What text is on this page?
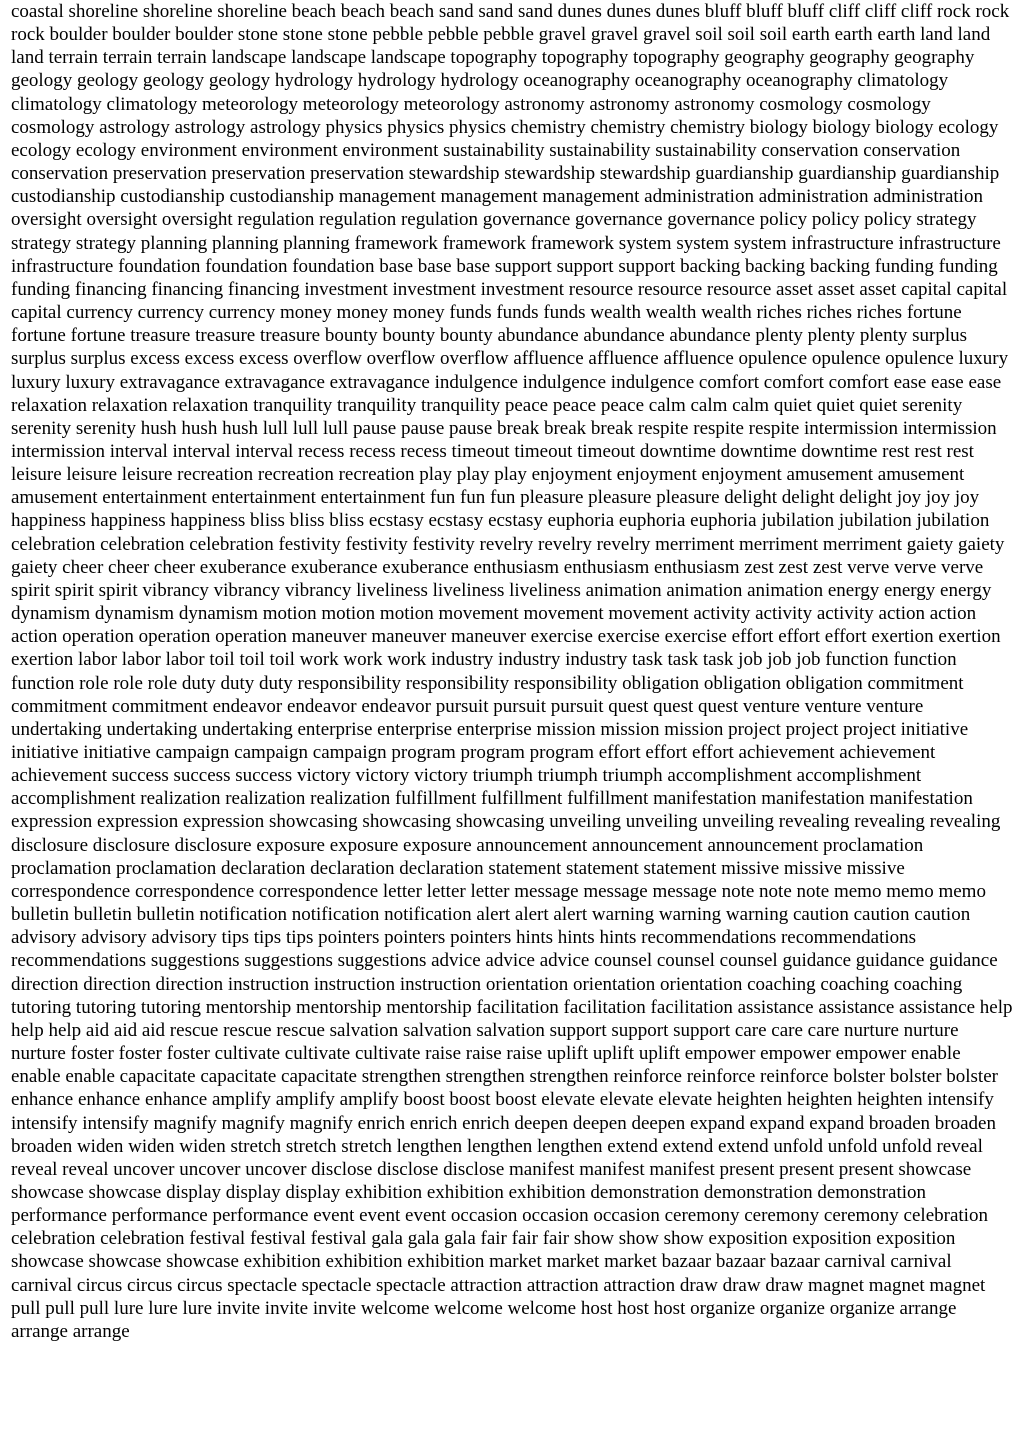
coastal shoreline shoreline shoreline beach beach beach sand sand sand dunes dunes dunes bluff bluff bluff cliff cliff cliff rock rock rock boulder boulder boulder stone stone stone pebble pebble pebble gravel gravel gravel soil soil soil earth earth earth land land land terrain terrain terrain landscape landscape landscape topography topography topography geography geography geography geology geology geology geology hydrology hydrology hydrology oceanography oceanography oceanography climatology climatology climatology meteorology meteorology meteorology astronomy astronomy astronomy cosmology cosmology cosmology astrology astrology astrology physics physics physics chemistry chemistry chemistry biology biology biology ecology ecology ecology environment environment environment sustainability sustainability sustainability conservation conservation conservation preservation preservation preservation stewardship stewardship stewardship guardianship guardianship guardianship custodianship custodianship custodianship management management management administration administration administration oversight oversight oversight regulation regulation regulation governance governance governance policy policy policy strategy strategy strategy planning planning planning framework framework framework system system system infrastructure infrastructure infrastructure foundation foundation foundation base base base support support support backing backing backing funding funding funding financing financing financing investment investment investment resource resource resource asset asset asset capital capital capital currency currency currency money money money funds funds funds wealth wealth wealth riches riches riches fortune fortune fortune treasure treasure treasure bounty bounty bounty abundance abundance abundance plenty plenty plenty surplus surplus surplus excess excess excess overflow overflow overflow affluence affluence affluence opulence opulence opulence luxury luxury luxury extravagance extravagance extravagance indulgence indulgence indulgence comfort comfort comfort ease ease ease relaxation relaxation relaxation tranquility tranquility tranquility peace peace peace calm calm calm quiet quiet quiet serenity serenity serenity hush hush hush lull lull lull pause pause pause break break break respite respite respite intermission intermission intermission interval interval interval recess recess recess timeout timeout timeout downtime downtime downtime rest rest rest leisure leisure leisure recreation recreation recreation play play play enjoyment enjoyment enjoyment amusement amusement amusement entertainment entertainment entertainment fun fun fun pleasure pleasure pleasure delight delight delight joy joy joy happiness happiness happiness bliss bliss bliss ecstasy ecstasy ecstasy euphoria euphoria euphoria jubilation jubilation jubilation celebration celebration celebration festivity festivity festivity revelry revelry revelry merriment merriment merriment gaiety gaiety gaiety cheer cheer cheer exuberance exuberance exuberance enthusiasm enthusiasm enthusiasm zest zest zest verve verve verve spirit spirit spirit vibrancy vibrancy vibrancy liveliness liveliness liveliness animation animation animation energy energy energy dynamism dynamism dynamism motion motion motion movement movement movement activity activity activity action action action operation operation operation maneuver maneuver maneuver exercise exercise exercise effort effort effort exertion exertion exertion labor labor labor toil toil toil work work work industry industry industry task task task job job job function function function role role role duty duty duty responsibility responsibility responsibility obligation obligation obligation commitment commitment commitment endeavor endeavor endeavor pursuit pursuit pursuit quest quest quest venture venture venture undertaking undertaking undertaking enterprise enterprise enterprise mission mission mission project project project initiative initiative initiative campaign campaign campaign program program program effort effort effort achievement achievement achievement success success success victory victory victory triumph triumph triumph accomplishment accomplishment accomplishment realization realization realization fulfillment fulfillment fulfillment manifestation manifestation manifestation expression expression expression showcasing showcasing showcasing unveiling unveiling unveiling revealing revealing revealing disclosure disclosure disclosure exposure exposure exposure announcement announcement announcement proclamation proclamation proclamation declaration declaration declaration statement statement statement missive missive missive correspondence correspondence correspondence letter letter letter message message message note note note memo memo memo bulletin bulletin bulletin notification notification notification alert alert alert warning warning warning caution caution caution advisory advisory advisory tips tips tips pointers pointers pointers hints hints hints recommendations recommendations recommendations suggestions suggestions suggestions advice advice advice counsel counsel counsel guidance guidance guidance direction direction direction instruction instruction instruction orientation orientation orientation coaching coaching coaching tutoring tutoring tutoring mentorship mentorship mentorship facilitation facilitation facilitation assistance assistance assistance help help help aid aid aid rescue rescue rescue salvation salvation salvation support support support care care care nurture nurture nurture foster foster foster cultivate cultivate cultivate raise raise raise uplift uplift uplift empower empower empower enable enable enable capacitate capacitate capacitate strengthen strengthen strengthen reinforce reinforce reinforce bolster bolster bolster enhance enhance enhance amplify amplify amplify boost boost boost elevate elevate elevate heighten heighten heighten intensify intensify intensify magnify magnify magnify enrich enrich enrich deepen deepen deepen expand expand expand broaden broaden broaden widen widen widen stretch stretch stretch lengthen lengthen lengthen extend extend extend unfold unfold unfold reveal reveal reveal uncover uncover uncover disclose disclose disclose manifest manifest manifest present present present showcase showcase showcase display display display exhibition exhibition exhibition demonstration demonstration demonstration performance performance performance event event event occasion occasion occasion ceremony ceremony ceremony celebration celebration celebration festival festival festival gala gala gala fair fair fair show show show exposition exposition exposition showcase showcase showcase exhibition exhibition exhibition market market market bazaar bazaar bazaar carnival carnival carnival circus circus circus spectacle spectacle spectacle attraction attraction attraction draw draw draw magnet magnet magnet pull pull pull lure lure lure invite invite invite welcome welcome welcome host host host organize organize organize arrange arrange arrange
